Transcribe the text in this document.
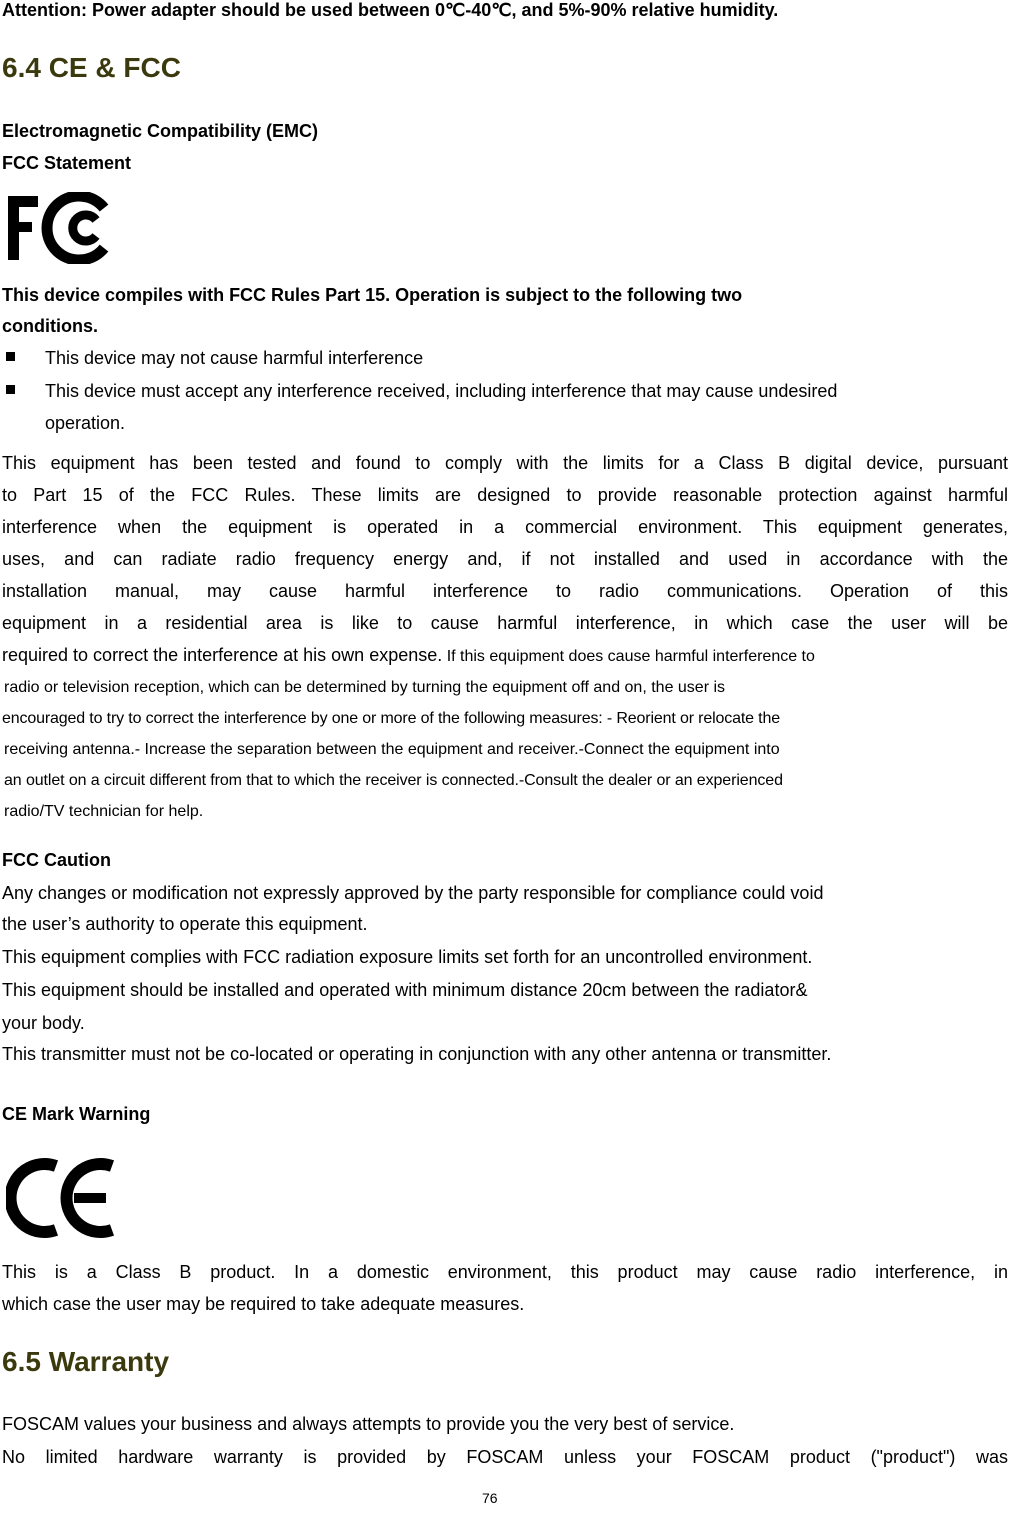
Attention: Power adapter should be used between 0℃-40℃, and 5%-90% relative humidity.
6.4 CE & FCC
Electromagnetic Compatibility (EMC)
FCC Statement
This device compiles with FCC Rules Part 15. Operation is subject to the following two
conditions.
This device may not cause harmful interference
This device must accept any interference received, including interference that may cause undesired
operation.
This equipment has been tested and found to comply with the limits for a Class B digital device, pursuant
to Part 15 of the FCC Rules. These limits are designed to provide reasonable protection against harmful
interference when the equipment is operated in a commercial environment. This equipment generates,
uses, and can radiate radio frequency energy and, if not installed and used in accordance with the
installation manual, may cause harmful interference to radio communications. Operation of this
equipment in a residential area is like to cause harmful interference, in which case the user will be
required to correct the interference at his own expense. If this equipment does cause harmful interference to
radio or television reception, which can be determined by turning the equipment off and on, the user is
encouraged to try to correct the interference by one or more of the following measures: - Reorient or relocate the
receiving antenna.- Increase the separation between the equipment and receiver.-Connect the equipment into
an outlet on a circuit different from that to which the receiver is connected.-Consult the dealer or an experienced
radio/TV technician for help.
FCC Caution
Any changes or modification not expressly approved by the party responsible for compliance could void
the user’s authority to operate this equipment.
This equipment complies with FCC radiation exposure limits set forth for an uncontrolled environment.
This equipment should be installed and operated with minimum distance 20cm between the radiator&
your body.
This transmitter must not be co-located or operating in conjunction with any other antenna or transmitter.
CE Mark Warning
This is a Class B product. In a domestic environment, this product may cause radio interference, in
which case the user may be required to take adequate measures.
6.5 Warranty
FOSCAM values your business and always attempts to provide you the very best of service.
No limited hardware warranty is provided by FOSCAM unless your FOSCAM product ("product") was
76
